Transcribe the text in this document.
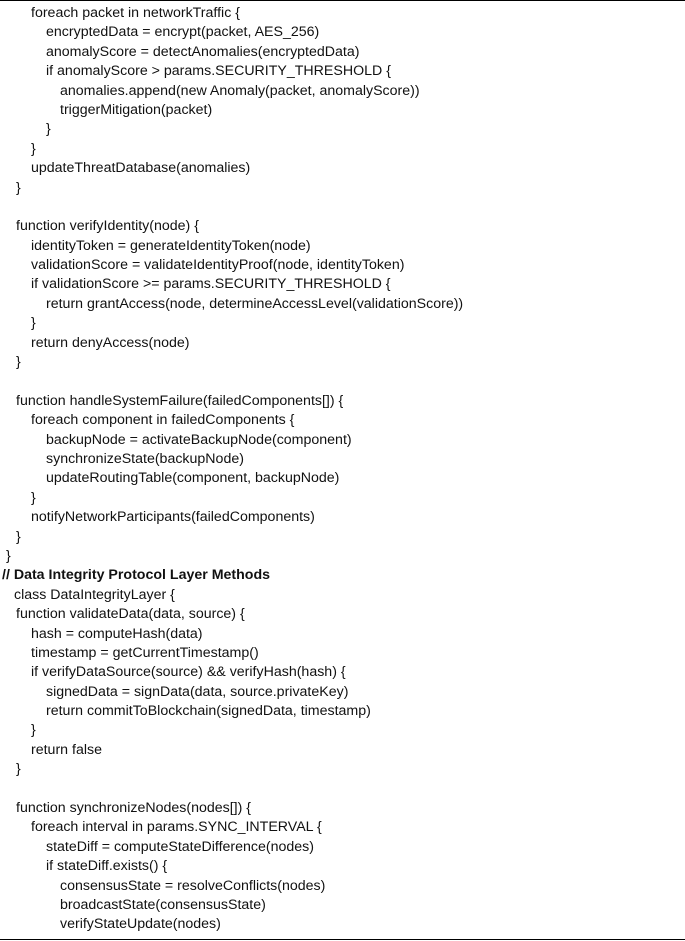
foreach packet in networkTraffic {
encryptedData = encrypt(packet, AES_256)
anomalyScore = detectAnomalies(encryptedData)
if anomalyScore > params.SECURITY_THRESHOLD {
anomalies.append(new Anomaly(packet, anomalyScore))
triggerMitigation(packet)
}
}
updateThreatDatabase(anomalies)
}
function verifyIdentity(node) {
identityToken = generateIdentityToken(node)
validationScore = validateIdentityProof(node, identityToken)
if validationScore >= params.SECURITY_THRESHOLD {
return grantAccess(node, determineAccessLevel(validationScore))
}
return denyAccess(node)
}
function handleSystemFailure(failedComponents[]) {
foreach component in failedComponents {
backupNode = activateBackupNode(component)
synchronizeState(backupNode)
updateRoutingTable(component, backupNode)
}
notifyNetworkParticipants(failedComponents)
}
}
// Data Integrity Protocol Layer Methods
class DataIntegrityLayer {
function validateData(data, source) {
hash = computeHash(data)
timestamp = getCurrentTimestamp()
if verifyDataSource(source) && verifyHash(hash) {
signedData = signData(data, source.privateKey)
return commitToBlockchain(signedData, timestamp)
}
return false
}
function synchronizeNodes(nodes[]) {
foreach interval in params.SYNC_INTERVAL {
stateDiff = computeStateDifference(nodes)
if stateDiff.exists() {
consensusState = resolveConflicts(nodes)
broadcastState(consensusState)
verifyStateUpdate(nodes)
